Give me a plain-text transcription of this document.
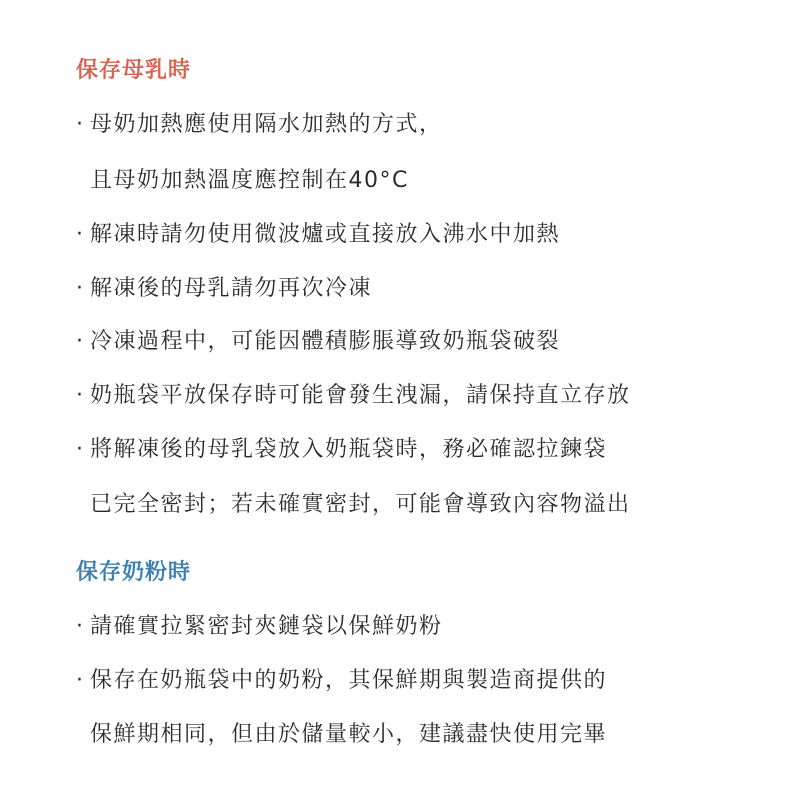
保存母乳時
· 母奶加熱應使用隔水加熱的方式，
且母奶加熱溫度應控制在40°C
· 解凍時請勿使用微波爐或直接放入沸水中加熱
· 解凍後的母乳請勿再次冷凍
· 冷凍過程中，可能因體積膨脹導致奶瓶袋破裂
· 奶瓶袋平放保存時可能會發生洩漏，請保持直立存放
· 將解凍後的母乳袋放入奶瓶袋時，務必確認拉鍊袋
已完全密封；若未確實密封，可能會導致內容物溢出
保存奶粉時
· 請確實拉緊密封夾鏈袋以保鮮奶粉
· 保存在奶瓶袋中的奶粉，其保鮮期與製造商提供的
保鮮期相同，但由於儲量較小，建議盡快使用完畢
